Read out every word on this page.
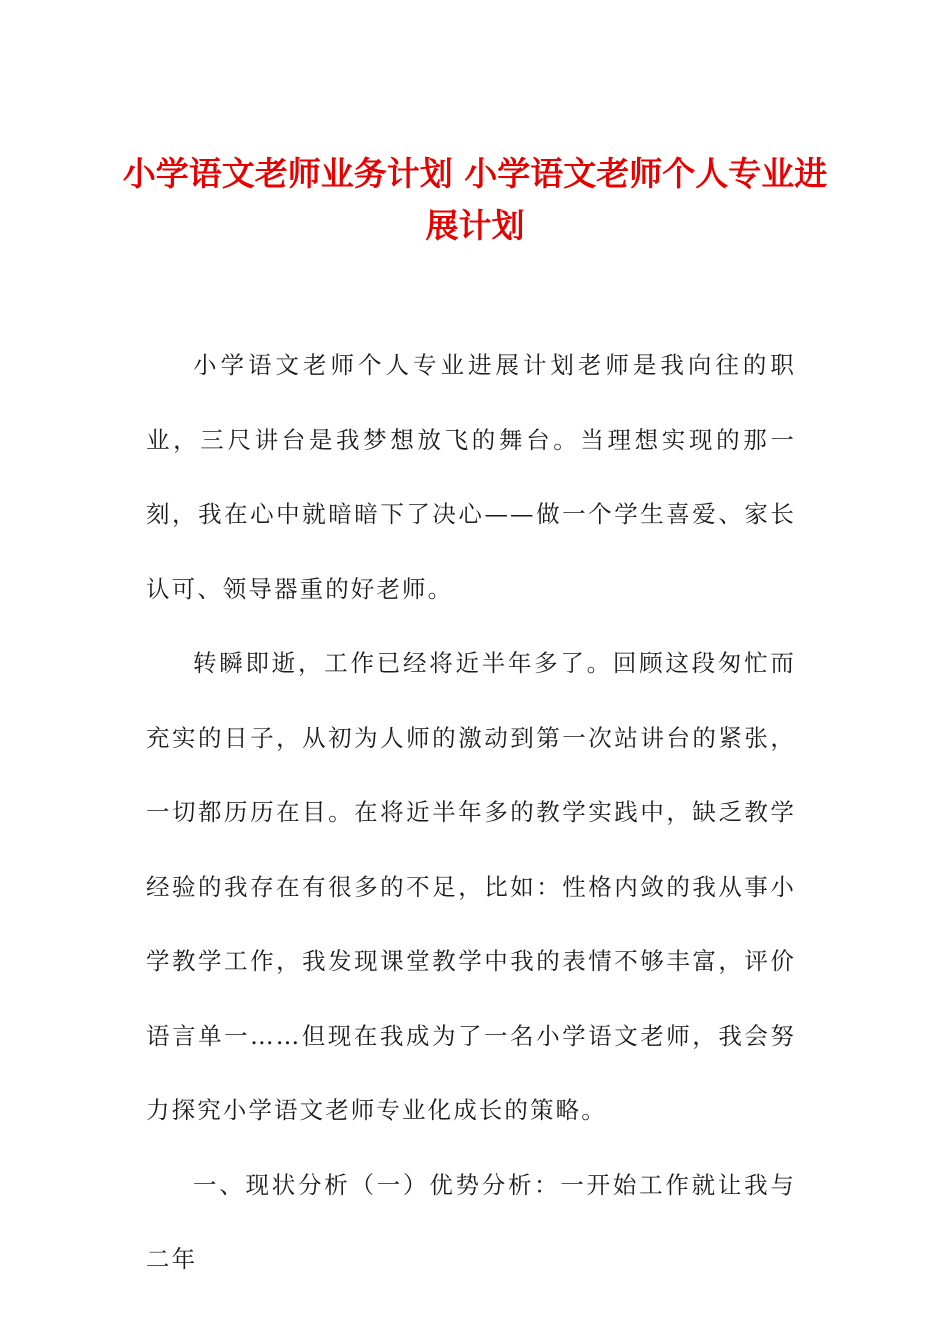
小学语文老师业务计划 小学语文老师个人专业进展计划

小学语文老师个人专业进展计划老师是我向往的职业，三尺讲台是我梦想放飞的舞台。当理想实现的那一刻，我在心中就暗暗下了决心——做一个学生喜爱、家长认可、领导器重的好老师。

转瞬即逝，工作已经将近半年多了。回顾这段匆忙而充实的日子，从初为人师的激动到第一次站讲台的紧张，一切都历历在目。在将近半年多的教学实践中，缺乏教学经验的我存在有很多的不足，比如：性格内敛的我从事小学教学工作，我发现课堂教学中我的表情不够丰富，评价语言单一……但现在我成为了一名小学语文老师，我会努力探究小学语文老师专业化成长的策略。

一、现状分析（一）优势分析：一开始工作就让我与二年
